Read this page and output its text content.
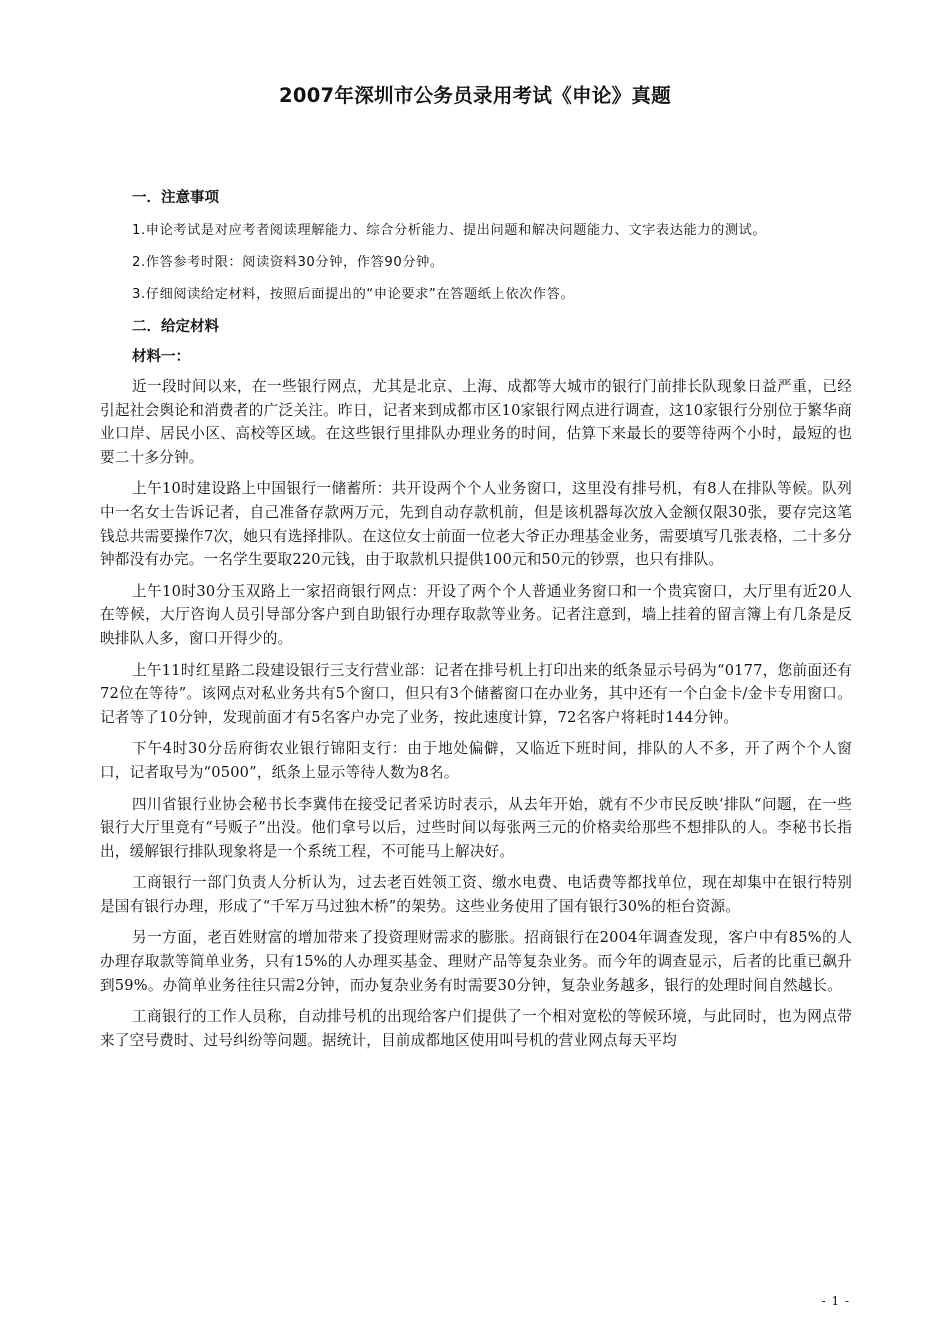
2007年深圳市公务员录用考试《申论》真题
一．注意事项

1.申论考试是对应考者阅读理解能力、综合分析能力、提出问题和解决问题能力、文字表达能力的测试。

2.作答参考时限：阅读资料30分钟，作答90分钟。

3.仔细阅读给定材料，按照后面提出的“申论要求”在答题纸上依次作答。

二．给定材料
材料一：

近一段时间以来，在一些银行网点，尤其是北京、上海、成都等大城市的银行门前排长队现象日益严重，已经引起社会舆论和消费者的广泛关注。昨日，记者来到成都市区10家银行网点进行调查，这10家银行分别位于繁华商业口岸、居民小区、高校等区域。在这些银行里排队办理业务的时间，估算下来最长的要等待两个小时，最短的也要二十多分钟。

上午10时建设路上中国银行一储蓄所：共开设两个个人业务窗口，这里没有排号机，有8人在排队等候。队列中一名女士告诉记者，自己准备存款两万元，先到自动存款机前，但是该机器每次放入金额仅限30张，要存完这笔钱总共需要操作7次，她只有选择排队。在这位女士前面一位老大爷正办理基金业务，需要填写几张表格，二十多分钟都没有办完。一名学生要取220元钱，由于取款机只提供100元和50元的钞票，也只有排队。

上午10时30分玉双路上一家招商银行网点：开设了两个个人普通业务窗口和一个贵宾窗口，大厅里有近20人在等候，大厅咨询人员引导部分客户到自助银行办理存取款等业务。记者注意到，墙上挂着的留言簿上有几条是反映排队人多，窗口开得少的。

上午11时红星路二段建设银行三支行营业部：记者在排号机上打印出来的纸条显示号码为“0177，您前面还有72位在等待”。该网点对私业务共有5个窗口，但只有3个储蓄窗口在办业务，其中还有一个白金卡/金卡专用窗口。记者等了10分钟，发现前面才有5名客户办完了业务，按此速度计算，72名客户将耗时144分钟。

下午4时30分岳府街农业银行锦阳支行：由于地处偏僻，又临近下班时间，排队的人不多，开了两个个人窗口，记者取号为“0500”，纸条上显示等待人数为8名。

四川省银行业协会秘书长李冀伟在接受记者采访时表示，从去年开始，就有不少市民反映‘排队“问题，在一些银行大厅里竟有“号贩子”出没。他们拿号以后，过些时间以每张两三元的价格卖给那些不想排队的人。李秘书长指出，缓解银行排队现象将是一个系统工程，不可能马上解决好。

工商银行一部门负责人分析认为，过去老百姓领工资、缴水电费、电话费等都找单位，现在却集中在银行特别是国有银行办理，形成了“千军万马过独木桥”的架势。这些业务使用了国有银行30%的柜台资源。

另一方面，老百姓财富的增加带来了投资理财需求的膨胀。招商银行在2004年调查发现，客户中有85%的人办理存取款等简单业务，只有15%的人办理买基金、理财产品等复杂业务。而今年的调查显示，后者的比重已飙升到59%。办简单业务往往只需2分钟，而办复杂业务有时需要30分钟，复杂业务越多，银行的处理时间自然越长。

工商银行的工作人员称，自动排号机的出现给客户们提供了一个相对宽松的等候环境，与此同时，也为网点带来了空号费时、过号纠纷等问题。据统计，目前成都地区使用叫号机的营业网点每天平均

- 1 -
